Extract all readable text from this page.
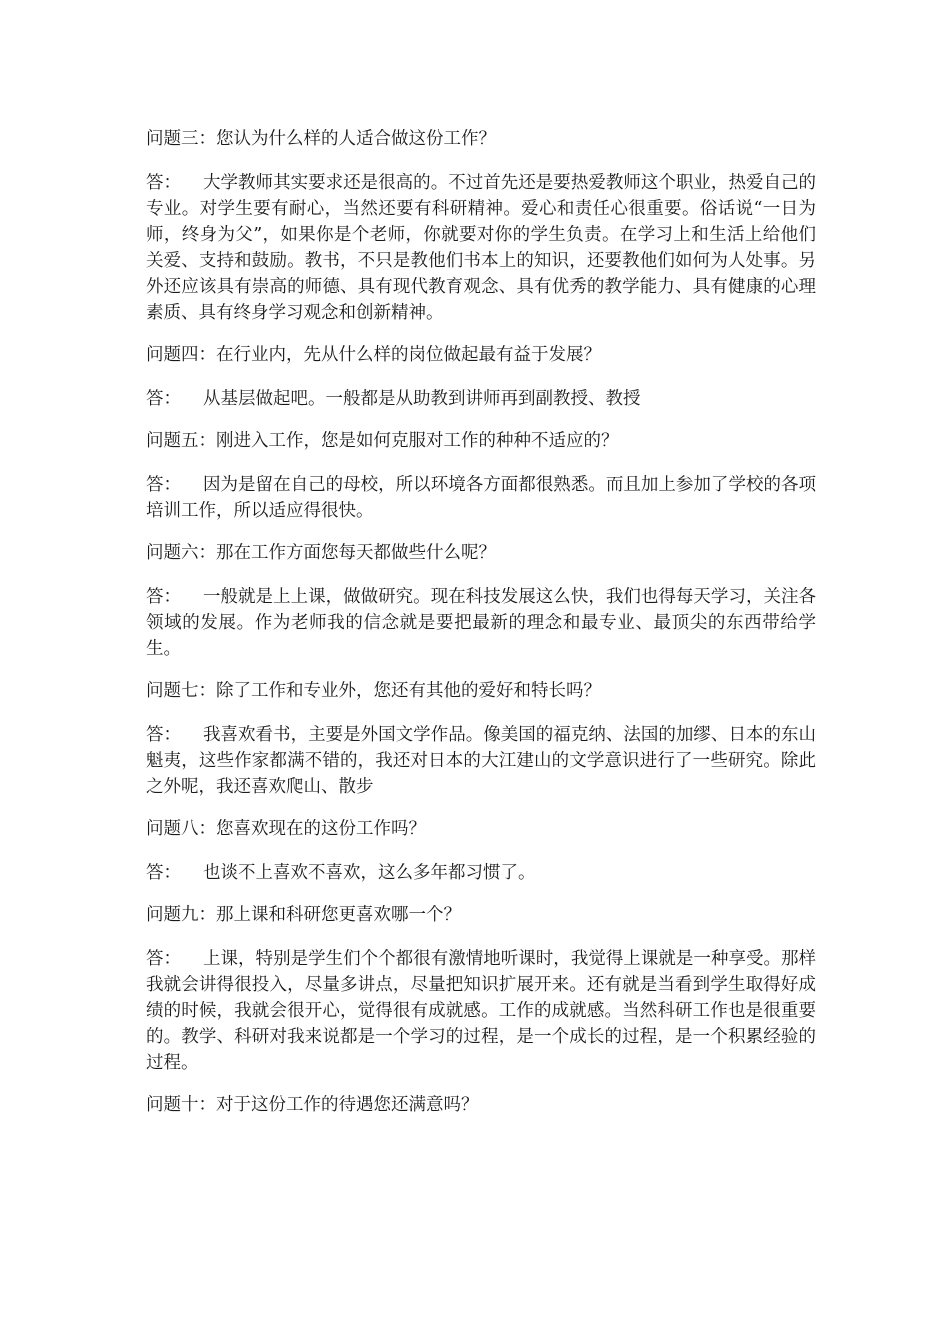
问题三：您认为什么样的人适合做这份工作？

答： 大学教师其实要求还是很高的。不过首先还是要热爱教师这个职业，热爱自己的专业。对学生要有耐心，当然还要有科研精神。爱心和责任心很重要。俗话说“一日为师，终身为父”，如果你是个老师，你就要对你的学生负责。在学习上和生活上给他们关爱、支持和鼓励。教书，不只是教他们书本上的知识，还要教他们如何为人处事。另外还应该具有崇高的师德、具有现代教育观念、具有优秀的教学能力、具有健康的心理素质、具有终身学习观念和创新精神。

问题四：在行业内，先从什么样的岗位做起最有益于发展？

答： 从基层做起吧。一般都是从助教到讲师再到副教授、教授

问题五：刚进入工作，您是如何克服对工作的种种不适应的？

答： 因为是留在自己的母校，所以环境各方面都很熟悉。而且加上参加了学校的各项培训工作，所以适应得很快。

问题六：那在工作方面您每天都做些什么呢？

答： 一般就是上上课，做做研究。现在科技发展这么快，我们也得每天学习，关注各领域的发展。作为老师我的信念就是要把最新的理念和最专业、最顶尖的东西带给学生。

问题七：除了工作和专业外，您还有其他的爱好和特长吗？

答： 我喜欢看书，主要是外国文学作品。像美国的福克纳、法国的加缪、日本的东山魁夷，这些作家都满不错的，我还对日本的大江建山的文学意识进行了一些研究。除此之外呢，我还喜欢爬山、散步

问题八：您喜欢现在的这份工作吗？

答： 也谈不上喜欢不喜欢，这么多年都习惯了。

问题九：那上课和科研您更喜欢哪一个？

答： 上课，特别是学生们个个都很有激情地听课时，我觉得上课就是一种享受。那样我就会讲得很投入，尽量多讲点，尽量把知识扩展开来。还有就是当看到学生取得好成绩的时候，我就会很开心，觉得很有成就感。工作的成就感。当然科研工作也是很重要的。教学、科研对我来说都是一个学习的过程，是一个成长的过程，是一个积累经验的过程。

问题十：对于这份工作的待遇您还满意吗？
